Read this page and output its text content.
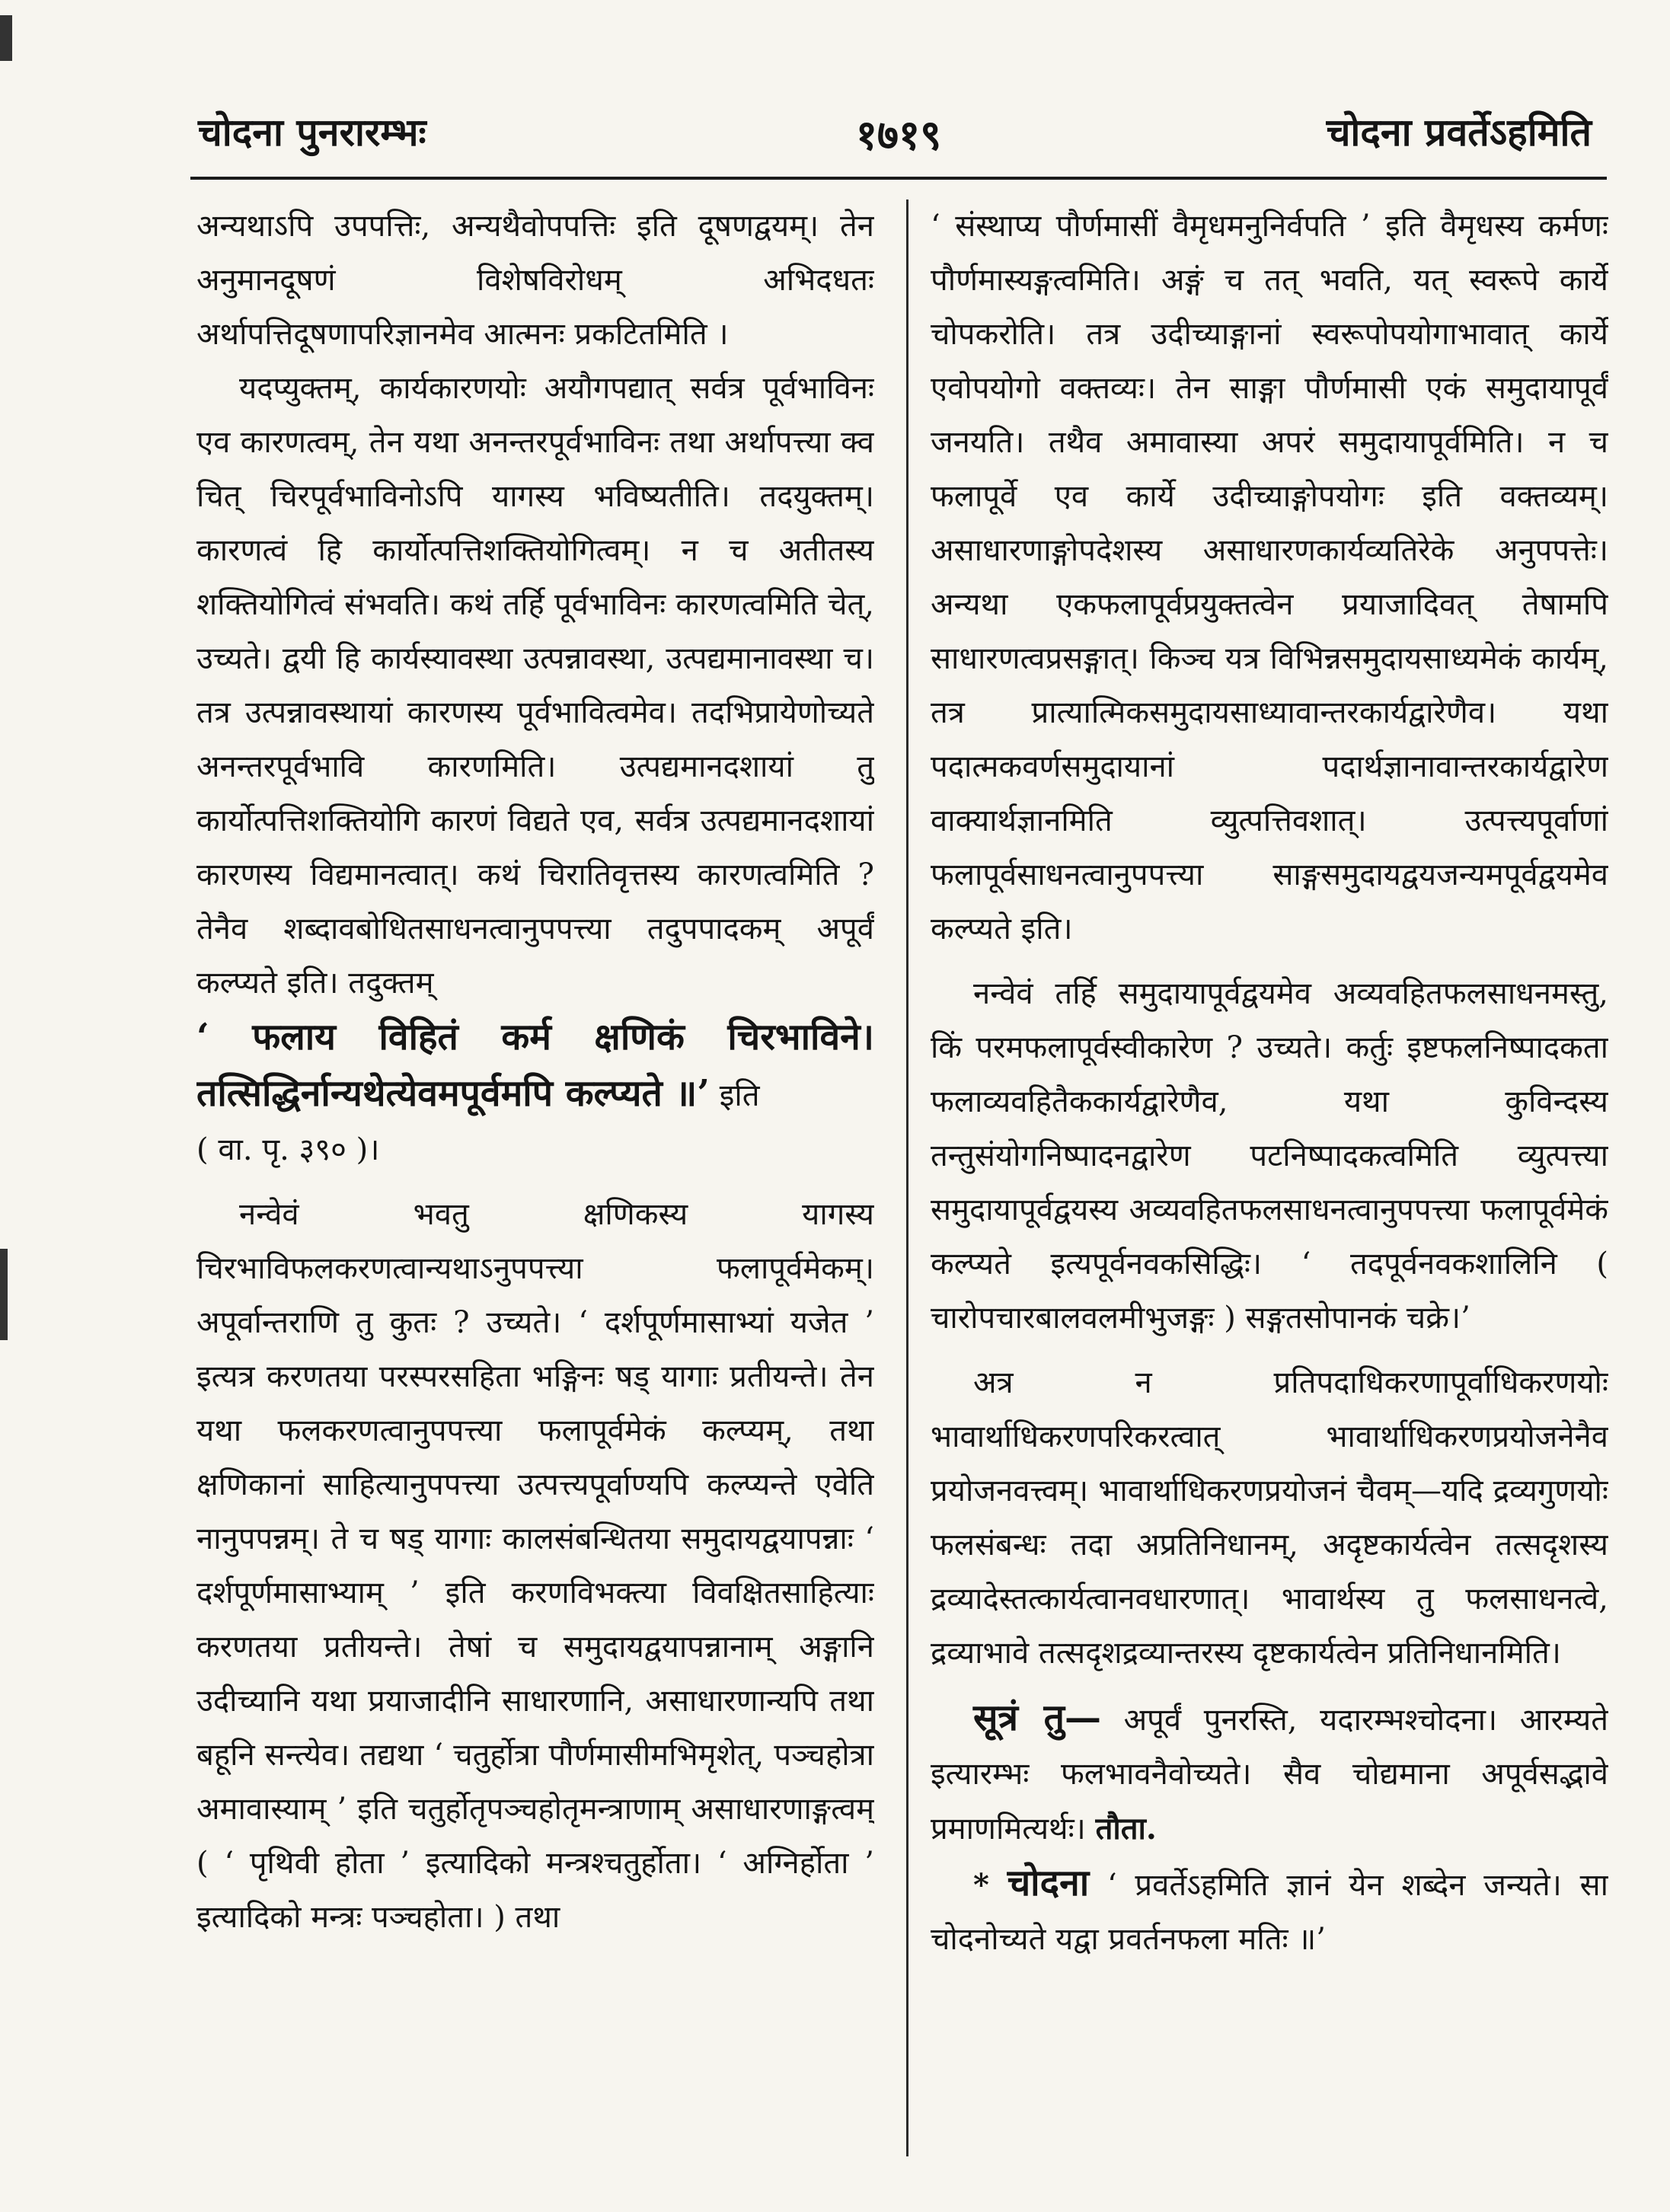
चोदना पुनरारम्भः	१७१९	चोदना प्रवर्तेऽहमिति

अन्यथाऽपि उपपत्तिः, अन्यथैवोपपत्तिः इति दूषणद्वयम्। तेन अनुमानदूषणं विशेषविरोधम् अभिदधतः अर्थापत्तिदूषणापरिज्ञानमेव आत्मनः प्रकटितमिति ।

यदप्युक्तम्, कार्यकारणयोः अयौगपद्यात् सर्वत्र पूर्वभाविनः एव कारणत्वम्, तेन यथा अनन्तरपूर्वभाविनः तथा अर्थापत्त्या क्व चित् चिरपूर्वभाविनोऽपि यागस्य भविष्यतीति। तदयुक्तम्। कारणत्वं हि कार्योत्पत्तिशक्तियोगित्वम्। न च अतीतस्य शक्तियोगित्वं संभवति। कथं तर्हि पूर्वभाविनः कारणत्वमिति चेत्, उच्यते। द्वयी हि कार्यस्यावस्था उत्पन्नावस्था, उत्पद्यमानावस्था च। तत्र उत्पन्नावस्थायां कारणस्य पूर्वभावित्वमेव। तदभिप्रायेणोच्यते अनन्तरपूर्वभावि कारणमिति। उत्पद्यमानदशायां तु कार्योत्पत्तिशक्तियोगि कारणं विद्यते एव, सर्वत्र उत्पद्यमानदशायां कारणस्य विद्यमानत्वात्। कथं चिरातिवृत्तस्य कारणत्वमिति ? तेनैव शब्दावबोधितसाधनत्वानुपपत्त्या तदुपपादकम् अपूर्वं कल्प्यते इति। तदुक्तम्

‘ फलाय विहितं कर्म क्षणिकं चिरभाविने। तत्सिद्धिर्नान्यथेत्येवमपूर्वमपि कल्प्यते ॥’ इति

( वा. पृ. ३९० )।

नन्वेवं भवतु क्षणिकस्य यागस्य चिरभाविफलकरणत्वान्यथाऽनुपपत्त्या फलापूर्वमेकम्। अपूर्वान्तराणि तु कुतः ? उच्यते। ‘ दर्शपूर्णमासाभ्यां यजेत ’ इत्यत्र करणतया परस्परसहिता भङ्गिनः षड् यागाः प्रतीयन्ते। तेन यथा फलकरणत्वानुपपत्त्या फलापूर्वमेकं कल्प्यम्, तथा क्षणिकानां साहित्यानुपपत्त्या उत्पत्त्यपूर्वाण्यपि कल्प्यन्ते एवेति नानुपपन्नम्। ते च षड् यागाः कालसंबन्धितया समुदायद्वयापन्नाः ‘ दर्शपूर्णमासाभ्याम् ’ इति करणविभक्त्या विवक्षितसाहित्याः करणतया प्रतीयन्ते। तेषां च समुदायद्वयापन्नानाम् अङ्गानि उदीच्यानि यथा प्रयाजादीनि साधारणानि, असाधारणान्यपि तथा बहूनि सन्त्येव। तद्यथा ‘ चतुर्होत्रा पौर्णमासीमभिमृशेत्, पञ्चहोत्रा अमावास्याम् ’ इति चतुर्होतृपञ्चहोतृमन्त्राणाम् असाधारणाङ्गत्वम् ( ‘ पृथिवी होता ’ इत्यादिको मन्त्रश्चतुर्होता। ‘ अग्निर्होता ’ इत्यादिको मन्त्रः पञ्चहोता। ) तथा

‘ संस्थाप्य पौर्णमासीं वैमृधमनुनिर्वपति ’ इति वैमृधस्य कर्मणः पौर्णमास्यङ्गत्वमिति। अङ्गं च तत् भवति, यत् स्वरूपे कार्ये चोपकरोति। तत्र उदीच्याङ्गानां स्वरूपोपयोगाभावात् कार्ये एवोपयोगो वक्तव्यः। तेन साङ्गा पौर्णमासी एकं समुदायापूर्वं जनयति। तथैव अमावास्या अपरं समुदायापूर्वमिति। न च फलापूर्वे एव कार्ये उदीच्याङ्गोपयोगः इति वक्तव्यम्। असाधारणाङ्गोपदेशस्य असाधारणकार्यव्यतिरेके अनुपपत्तेः। अन्यथा एकफलापूर्वप्रयुक्तत्वेन प्रयाजादिवत् तेषामपि साधारणत्वप्रसङ्गात्। किञ्च यत्र विभिन्नसमुदायसाध्यमेकं कार्यम्, तत्र प्रात्यात्मिकसमुदायसाध्यावान्तरकार्यद्वारेणैव। यथा पदात्मकवर्णसमुदायानां पदार्थज्ञानावान्तरकार्यद्वारेण वाक्यार्थज्ञानमिति व्युत्पत्तिवशात्। उत्पत्त्यपूर्वाणां फलापूर्वसाधनत्वानुपपत्त्या साङ्गसमुदायद्वयजन्यमपूर्वद्वयमेव कल्प्यते इति।

नन्वेवं तर्हि समुदायापूर्वद्वयमेव अव्यवहितफलसाधनमस्तु, किं परमफलापूर्वस्वीकारेण ? उच्यते। कर्तुः इष्टफलनिष्पादकता फलाव्यवहितैककार्यद्वारेणैव, यथा कुविन्दस्य तन्तुसंयोगनिष्पादनद्वारेण पटनिष्पादकत्वमिति व्युत्पत्त्या समुदायापूर्वद्वयस्य अव्यवहितफलसाधनत्वानुपपत्त्या फलापूर्वमेकं कल्प्यते इत्यपूर्वनवकसिद्धिः। ‘ तदपूर्वनवकशालिनि ( चारोपचारबालवलमीभुजङ्गः ) सङ्गतसोपानकं चक्रे।’

अत्र न प्रतिपदाधिकरणापूर्वाधिकरणयोः भावार्थाधिकरणपरिकरत्वात् भावार्थाधिकरणप्रयोजनेनैव प्रयोजनवत्त्वम्। भावार्थाधिकरणप्रयोजनं चैवम्—यदि द्रव्यगुणयोः फलसंबन्धः तदा अप्रतिनिधानम्, अदृष्टकार्यत्वेन तत्सदृशस्य द्रव्यादेस्तत्कार्यत्वानवधारणात्। भावार्थस्य तु फलसाधनत्वे, द्रव्याभावे तत्सदृशद्रव्यान्तरस्य दृष्टकार्यत्वेन प्रतिनिधानमिति।

सूत्रं तु— अपूर्वं पुनरस्ति, यदारम्भश्चोदना। आरम्यते इत्यारम्भः फलभावनैवोच्यते। सैव चोद्यमाना अपूर्वसद्भावे प्रमाणमित्यर्थः। तौता.

* चोदना ‘ प्रवर्तेऽहमिति ज्ञानं येन शब्देन जन्यते। सा चोदनोच्यते यद्वा प्रवर्तनफला मतिः ॥’
